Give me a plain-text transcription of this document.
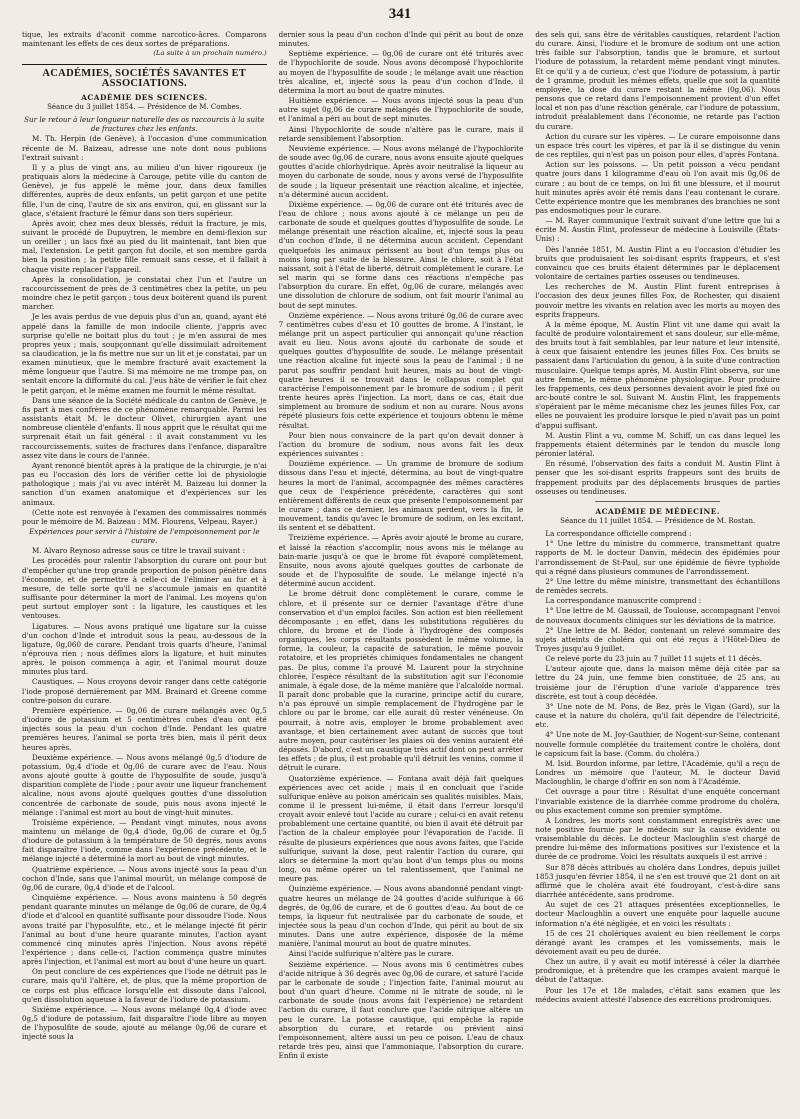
341

tique, les extraits d'aconit comme narcotico-âcres. Comparons maintenant les effets de ces deux sortes de préparations.

(La suite à un prochain numéro.)
ACADÉMIES, SOCIÉTÉS SAVANTES ET ASSOCIATIONS.
ACADÉMIE DES SCIENCES.
Séance du 3 juillet 1854. — Présidence de M. Combes.

Sur le retour à leur longueur naturelle des os raccourcis à la suite de fractures chez les enfants.

M. Th. Herpin (de Genève), à l'occasion d'une communication récente de M. Baizeau, adresse une note dont nous publions l'extrait suivant :

Il y a plus de vingt ans, au milieu d'un hiver rigoureux (je pratiquais alors la médecine à Carouge, petite ville du canton de Genève), je fus appelé le même jour, dans deux familles différentes, auprès de deux enfants, un petit garçon et une petite fille, l'un de cinq, l'autre de six ans environ, qui, en glissant sur la glace, s'étaient fracturé le fémur dans son tiers supérieur.

Après avoir, chez mes deux blessés, réduit la fracture, je mis, suivant le procédé de Dupuytren, le membre en demi-flexion sur un oreiller ; un lacs fixé au pied du lit maintenait, tant bien que mal, l'extension. Le petit garçon fut docile, et son membre garda bien la position ; la petite fille remuait sans cesse, et il fallait à chaque visite replacer l'appareil.

Après la consolidation, je constatai chez l'un et l'autre un raccourcissement de près de 3 centimètres chez la petite, un peu moindre chez le petit garçon ; tous deux boitèrent quand ils purent marcher.

Je les avais perdus de vue depuis plus d'un an, quand, ayant été appelé dans la famille de mon indocile cliente, j'appris avec surprise qu'elle ne boitait plus du tout ; je m'en assurai de mes propres yeux ; mais, soupçonnant qu'elle dissimulait adroitement sa claudication, je la fis mettre nue sur un lit et je constatai, par un examen minutieux, que le membre fracturé avait exactement la même longueur que l'autre. Si ma mémoire ne me trompe pas, on sentait encore la difformité du cal. J'eus hâte de vérifier le fait chez le petit garçon, et le même examen me fournit le même résultat.

Dans une séance de la Société médicale du canton de Genève, je fis part à mes confrères de ce phénomène remarquable. Parmi les assistants était M. le docteur Olivet, chirurgien ayant une nombreuse clientèle d'enfants. Il nous apprit que le résultat qui me surprenait était un fait général : il avait constamment vu les raccourcissements, suites de fractures dans l'enfance, disparaître assez vite dans le cours de l'année.

Ayant renoncé bientôt après à la pratique de la chirurgie, je n'ai pas eu l'occasion dès lors de vérifier cette loi de physiologie pathologique ; mais j'ai vu avec intérêt M. Baizeau lui donner la sanction d'un examen anatomique et d'expériences sur les animaux.

(Cette note est renvoyée à l'examen des commissaires nommés pour le mémoire de M. Baizeau : MM. Flourens, Velpeau, Rayer.)

Expériences pour servir à l'histoire de l'empoisonnement par le curare.

M. Alvaro Reynoso adresse sous ce titre le travail suivant :

Les procédés pour ralentir l'absorption du curare ont pour but d'empêcher qu'une trop grande proportion de poison pénètre dans l'économie, et de permettre à celle-ci de l'éliminer au fur et à mesure, de telle sorte qu'il ne s'accumule jamais en quantité suffisante pour déterminer la mort de l'animal. Les moyens qu'on peut surtout employer sont : la ligature, les caustiques et les ventouses.

Ligatures. — Nous avons pratiqué une ligature sur la cuisse d'un cochon d'Inde et introduit sous la peau, au-dessous de la ligature, 0g,060 de curare. Pendant trois quarts d'heure, l'animal n'éprouva rien ; nous défîmes alors la ligature, et huit minutes après, le poison commença à agir, et l'animal mourut douze minutes plus tard.

Caustiques. — Nous croyons devoir ranger dans cette catégorie l'iode proposé dernièrement par MM. Brainard et Greene comme contre-poison du curare.

Première expérience. — 0g,06 de curare mélangés avec 0g,5 d'iodure de potassium et 5 centimètres cubes d'eau ont été injectés sous la peau d'un cochon d'Inde. Pendant les quatre premières heures, l'animal se porta très bien, mais il périt deux heures après.

Deuxième expérience. — Nous avons mélangé 0g,5 d'iodure de potassium, 0g,4 d'iode et 0g,06 de curare avec de l'eau. Nous avons ajouté goutte à goutte de l'hyposulfite de soude, jusqu'à disparition complète de l'iode ; pour avoir une liqueur franchement alcaline, nous avons ajouté quelques gouttes d'une dissolution concentrée de carbonate de soude, puis nous avons injecté le mélange : l'animal est mort au bout de vingt-huit minutes.

Troisième expérience. — Pendant vingt minutes, nous avons maintenu un mélange de 0g,4 d'iode, 0g,06 de curare et 0g,5 d'iodure de potassium à la température de 50 degrés, nous avons fait disparaître l'iode, comme dans l'expérience précédente, et le mélange injecté a déterminé la mort au bout de vingt minutes.

Quatrième expérience. — Nous avons injecté sous la peau d'un cochon d'Inde, sans que l'animal mourût, un mélange composé de 0g,06 de curare, 0g,4 d'iode et de l'alcool.

Cinquième expérience. — Nous avons maintenu à 50 degrés pendant quarante minutes un mélange de 0g,06 de curare, de 0g,4 d'iode et d'alcool en quantité suffisante pour dissoudre l'iode. Nous avons traité par l'hyposulfite, etc., et le mélange injecté fit périr l'animal au bout d'une heure quarante minutes, l'action ayant commencé cinq minutes après l'injection. Nous avons répété l'expérience ; dans celle-ci, l'action commença quatre minutes après l'injection, et l'animal est mort au bout d'une heure un quart.

On peut conclure de ces expériences que l'iode ne détruit pas le curare, mais qu'il l'altère, et, de plus, que la même proportion de ce corps est plus efficace lorsqu'elle est dissoute dans l'alcool, qu'en dissolution aqueuse à la faveur de l'iodure de potassium.

Sixième expérience. — Nous avons mélangé 0g,4 d'iode avec 0g,5 d'iodure de potassium, fait disparaître l'iode libre au moyen de l'hyposulfite de soude, ajouté au mélange 0g,06 de curare et injecté sous la

dernier sous la peau d'un cochon d'Inde qui périt au bout de onze minutes.

Septième expérience. — 0g,06 de curare ont été triturés avec de l'hypochlorite de soude. Nous avons décomposé l'hypochlorite au moyen de l'hyposulfite de soude ; le mélange avait une réaction très alcaline, et, injecté sous la peau d'un cochon d'Inde, il détermina la mort au bout de quatre minutes.

Huitième expérience. — Nous avons injecté sous la peau d'un autre sujet 0g,06 de curare mélangés de l'hypochlorite de soude, et l'animal a péri au bout de sept minutes.

Ainsi l'hypochlorite de soude n'altère pas le curare, mais il retarde sensiblement l'absorption.

Neuvième expérience. — Nous avons mélangé de l'hypochlorite de soude avec 0g,06 de curare, nous avons ensuite ajouté quelques gouttes d'acide chlorhydrique. Après avoir neutralisé la liqueur au moyen du carbonate de soude, nous y avons versé de l'hyposulfite de soude ; la liqueur présentait une réaction alcaline, et injectée, n'a déterminé aucun accident.

Dixième expérience. — 0g,06 de curare ont été triturés avec de l'eau de chlore ; nous avons ajouté à ce mélange un peu de carbonate de soude et quelques gouttes d'hyposulfite de soude. Le mélange présentait une réaction alcaline, et, injecté sous la peau d'un cochon d'Inde, il ne détermina aucun accident. Cependant quelquefois les animaux périssent au bout d'un temps plus ou moins long par suite de la blessure. Ainsi le chlore, soit à l'état naissant, soit à l'état de liberté, détruit complètement le curare. Le sel marin qui se forme dans ces réactions n'empêche pas l'absorption du curare. En effet, 0g,06 de curare, mélangés avec une dissolution de chlorure de sodium, ont fait mourir l'animal au bout de sept minutes.

Onzième expérience. — Nous avons trituré 0g,06 de curare avec 7 centimètres cubes d'eau et 10 gouttes de brome. A l'instant, le mélange prit un aspect particulier qui annonçait qu'une réaction avait eu lieu. Nous avons ajouté du carbonate de soude et quelques gouttes d'hyposulfite de soude. Le mélange présentait une réaction alcaline fut injecté sous la peau de l'animal ; il ne parut pas souffrir pendant huit heures, mais au bout de vingt-quatre heures il se trouvait dans le collapsus complet qui caractérise l'empoisonnement par le bromure de sodium ; il périt trente heures après l'injection. La mort, dans ce cas, était due simplement au bromure de sodium et non au curare. Nous avons répété plusieurs fois cette expérience et toujours obtenu le même résultat.

Pour bien nous convaincre de la part qu'on devait donner à l'action du bromure de sodium, nous avons fait les deux expériences suivantes :

Douzième expérience. — Un gramme de bromure de sodium dissous dans l'eau et injecté, détermina, au bout de vingt-quatre heures la mort de l'animal, accompagnée des mêmes caractères que ceux de l'expérience précédente, caractères qui sont entièrement différents de ceux que présente l'empoisonnement par le curare ; dans ce dernier, les animaux perdent, vers la fin, le mouvement, tandis qu'avec le bromure de sodium, on les excitant, ils sentent et se débattent.

Treizième expérience. — Après avoir ajouté le brome au curare, et laissé la réaction s'accomplir, nous avons mis le mélange au bain-marie jusqu'à ce que le brome fût évaporé complètement. Ensuite, nous avons ajouté quelques gouttes de carbonate de soude et de l'hyposulfite de soude. Le mélange injecté n'a déterminé aucun accident.

Le brome détruit donc complètement le curare, comme le chlore, et il présente sur ce dernier l'avantage d'être d'une conservation et d'un emploi faciles. Son action est bien réellement décomposante ; en effet, dans les substitutions régulières du chlore, du brome et de l'iode à l'hydrogène des composés organiques, les corps résultants possèdent le même volume, la forme, la couleur, la capacité de saturation, le même pouvoir rotatoire, et les propriétés chimiques fondamentales ne changent pas. De plus, comme l'a prouvé M. Laurent pour la strychnine chlorée, l'espèce résultant de la substitution agit sur l'économie animale, à égale dose, de la même manière que l'alcaloïde normal. Il paraît donc probable que la curarine, principe actif du curare, n'a pas éprouvé un simple remplacement de l'hydrogène par le chlore ou par le brome, car elle aurait dû rester vénéneuse. On pourrait, à notre avis, employer le brome probablement avec avantage, et bien certainement avec autant de succès que tout autre moyen, pour cautériser les plaies où des venins auraient été déposés. D'abord, c'est un caustique très actif dont on peut arrêter les effets ; de plus, il est probable qu'il détruit les venins, comme il détruit le curare.

Quatorzième expérience. — Fontana avait déjà fait quelques expériences avec cet acide ; mais il en concluait que l'acide sulfurique enlève au poison américain ses qualités nuisibles. Mais, comme il le pressent lui-même, il était dans l'erreur lorsqu'il croyait avoir enlevé tout l'acide au curare ; celui-ci en avait retenu probablement une certaine quantité, ou bien il avait été détruit par l'action de la chaleur employée pour l'évaporation de l'acide. Il résulte de plusieurs expériences que nous avons faites, que l'acide sulfurique, suivant la dose, peut ralentir l'action du curare, qui alors se détermine la mort qu'au bout d'un temps plus ou moins long, ou même opérer un tel ralentissement, que l'animal ne meure pas.

Quinzième expérience. — Nous avons abandonné pendant vingt-quatre heures un mélange de 24 gouttes d'acide sulfurique à 66 degrés, de 0g,06 de curare, et de 6 gouttes d'eau. Au bout de ce temps, la liqueur fut neutralisée par du carbonate de soude, et injectée sous la peau d'un cochon d'Inde, qui périt au bout de six minutes. Dans une autre expérience, disposée de la même manière, l'animal mourut au bout de quatre minutes.

Ainsi l'acide sulfurique n'altère pas le curare.

Seizième expérience. — Nous avons mis 6 centimètres cubes d'acide nitrique à 36 degrés avec 0g,06 de curare, et saturé l'acide par le carbonate de soude ; l'injection faite, l'animal mourut au bout d'un quart d'heure. Comme ni le nitrate de soude, ni le carbonate de soude (nous avons fait l'expérience) ne retardent l'action du curare, il faut conclure que l'acide nitrique altère un peu le curare. La potasse caustique, qui empêche la rapide absorption du curare, et retarde ou prévient ainsi l'empoisonnement, altère aussi un peu ce poison. L'eau de chaux retarde très peu, ainsi que l'ammoniaque, l'absorption du curare. Enfin il existe

des sels qui, sans être de véritables caustiques, retardent l'action du curare. Ainsi, l'iodure et le bromure de sodium ont une action très faible sur l'absorption, tandis que le bromure, et surtout l'iodure de potassium, la retardent même pendant vingt minutes. Et ce qu'il y a de curieux, c'est que l'iodure de potassium, à partir de 1 gramme, produit les mêmes effets, quelle que soit la quantité employée, la dose du curare restant la même (0g,06). Nous pensons que ce retard dans l'empoisonnement provient d'un effet local et non pas d'une réaction générale, car l'iodure de potassium, introduit préalablement dans l'économie, ne retarde pas l'action du curare.

Action du curare sur les vipères. — Le curare empoisonne dans un espace très court les vipères, et par là il se distingue du venin de ces reptiles, qui n'est pas un poison pour elles, d'après Fontana.

Action sur les poissons. — Un petit poisson a vécu pendant quatre jours dans 1 kilogramme d'eau où l'on avait mis 0g,06 de curare ; au bout de ce temps, on lui fit une blessure, et il mourut huit minutes après avoir été remis dans l'eau contenant le curare. Cette expérience montre que les membranes des branchies ne sont pas endosmotiques pour le curare.

— M. Rayer communique l'extrait suivant d'une lettre que lui a écrite M. Austin Flint, professeur de médecine à Louisville (États-Unis) :

Dès l'année 1851, M. Austin Flint a eu l'occasion d'étudier les bruits que produisaient les soi-disant esprits frappeurs, et s'est convaincu que ces bruits étaient déterminés par le déplacement volontaire de certaines parties osseuses ou tendineuses.

Les recherches de M. Austin Flint furent entreprises à l'occasion des deux jeunes filles Fox, de Rochester, qui disaient pouvoir mettre les vivants en relation avec les morts au moyen des esprits frappeurs.

A la même époque, M. Austin Flint vit une dame qui avait la faculté de produire volontairement et sans douleur, sur elle-même, des bruits tout à fait semblables, par leur nature et leur intensité, à ceux que faisaient entendre les jeunes filles Fox. Ces bruits se passaient dans l'articulation du genou, à la suite d'une contraction musculaire. Quelque temps après, M. Austin Flint observa, sur une autre femme, le même phénomène physiologique. Pour produire les frappements, ces deux personnes devaient avoir le pied fixé ou arc-bouté contre le sol. Suivant M. Austin Flint, les frappements s'opéraient par le même mécanisme chez les jeunes filles Fox, car elles ne pouvaient les produire lorsque le pied n'avait pas un point d'appui suffisant.

M. Austin Flint a vu, comme M. Schiff, un cas dans lequel les frappements étaient déterminés par le tendon du muscle long péronier latéral.

En résumé, l'observation des faits a conduit M. Austin Flint à penser que les soi-disant esprits frappeurs sont des bruits de frappement produits par des déplacements brusques de parties osseuses ou tendineuses.

ACADÉMIE DE MÉDECINE.
Séance du 11 juillet 1854. — Présidence de M. Rostan.

La correspondance officielle comprend :

1° Une lettre du ministre du commerce, transmettant quatre rapports de M. le docteur Danvin, médecin des épidémies pour l'arrondissement de St-Paul, sur une épidémie de fièvre typhoïde qui a régné dans plusieurs communes de l'arrondissement.

2° Une lettre du même ministre, transmettant des échantillons de remèdes secrets.

La correspondance manuscrite comprend :

1° Une lettre de M. Gaussail, de Toulouse, accompagnant l'envoi de nouveaux documents cliniques sur les déviations de la matrice.

2° Une lettre de M. Bédor, contenant un relevé sommaire des sujets atteints de choléra qui ont été reçus à l'Hôtel-Dieu de Troyes jusqu'au 9 juillet.

Ce relevé porte du 23 juin au 7 juillet 11 sujets et 11 décès.

L'auteur ajoute que, dans la maison même déjà citée par sa lettre du 24 juin, une femme bien constituée, de 25 ans, au troisième jour de l'éruption d'une variole d'apparence très discrète, est tout à coup décédée.

3° Une note de M. Pons, de Bez, près le Vigan (Gard), sur la cause et la nature du choléra, qu'il fait dépendre de l'électricité, etc.

4° Une note de M. Joy-Gauthier, de Nogent-sur-Seine, contenant nouvelle formule complétée du traitement contre le choléra, dont le capsicum fait la base. (Comm. du choléra.)

M. Isid. Bourdon informe, par lettre, l'Académie, qu'il a reçu de Londres un mémoire que l'auteur, M. le docteur David Macloughlin, le charge d'offrir en son nom à l'Académie.

Cet ouvrage a pour titre : Résultat d'une enquête concernant l'invariable existence de la diarrhée comme prodrome du choléra, ou plus exactement comme son premier symptôme.

A Londres, les morts sont constamment enregistrés avec une note positive fournie par le médecin sur la cause évidente ou vraisemblable du décès. Le docteur Macloughlin s'est chargé de prendre lui-même des informations positives sur l'existence et la durée de ce prodrome. Voici les résultats auxquels il est arrivé :

Sur 878 décès attribués au choléra dans Londres, depuis juillet 1853 jusqu'en février 1854, il ne s'en est trouvé que 21 dont on ait affirmé que le choléra avait été foudroyant, c'est-à-dire sans diarrhée antécédente, sans prodrome.

Au sujet de ces 21 attaques présentées exceptionnelles, le docteur Macloughlin a ouvert une enquête pour laquelle aucune information n'a été négligée, et en voici les résultats :

15 de ces 21 cholériques avaient eu bien réellement le corps dérangé avant les crampes et les vomissements, mais le dévoiement avait eu peu de durée.

Chez un autre, il y avait eu motif intéressé à céler la diarrhée prodromique, et à prétendre que les crampes avaient marqué le début de l'attaque.

Pour les 17e et 18e malades, c'était sans examen que les médecins avaient attesté l'absence des excrétions prodromiques.
